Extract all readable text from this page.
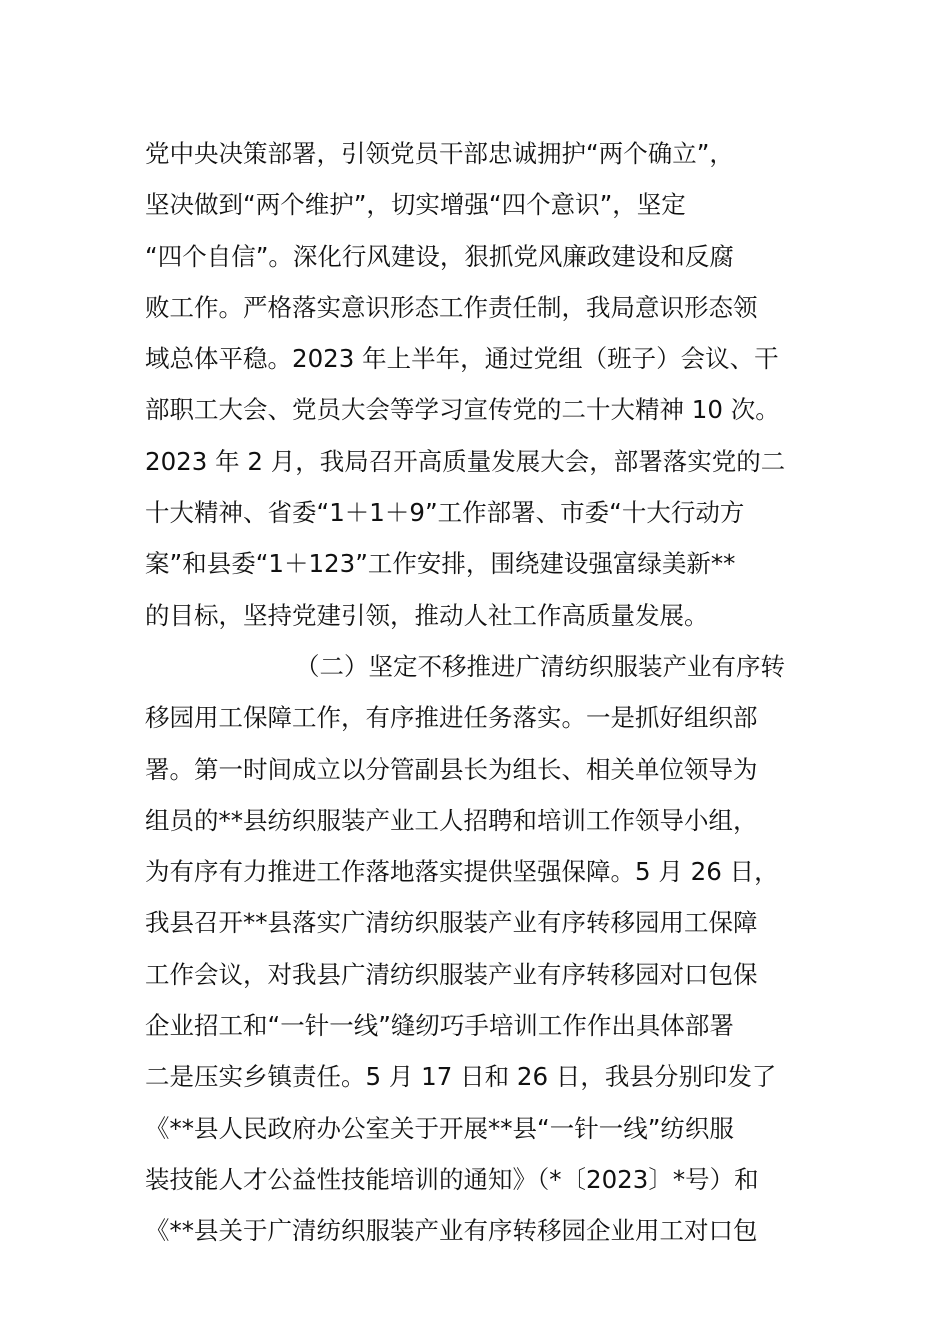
党中央决策部署，引领党员干部忠诚拥护“两个确立”，
坚决做到“两个维护”，切实增强“四个意识”，坚定
“四个自信”。深化行风建设，狠抓党风廉政建设和反腐
败工作。严格落实意识形态工作责任制，我局意识形态领
域总体平稳。2023 年上半年，通过党组（班子）会议、干
部职工大会、党员大会等学习宣传党的二十大精神 10 次。
2023 年 2 月，我局召开高质量发展大会，部署落实党的二
十大精神、省委“1＋1＋9”工作部署、市委“十大行动方
案”和县委“1＋123”工作安排，围绕建设强富绿美新**
的目标，坚持党建引领，推动人社工作高质量发展。
（二）坚定不移推进广清纺织服装产业有序转
移园用工保障工作，有序推进任务落实。一是抓好组织部
署。第一时间成立以分管副县长为组长、相关单位领导为
组员的**县纺织服装产业工人招聘和培训工作领导小组，
为有序有力推进工作落地落实提供坚强保障。5 月 26 日，
我县召开**县落实广清纺织服装产业有序转移园用工保障
工作会议，对我县广清纺织服装产业有序转移园对口包保
企业招工和“一针一线”缝纫巧手培训工作作出具体部署
二是压实乡镇责任。5 月 17 日和 26 日，我县分别印发了
《**县人民政府办公室关于开展**县“一针一线”纺织服
装技能人才公益性技能培训的通知》（*〔2023〕*号）和
《**县关于广清纺织服装产业有序转移园企业用工对口包
